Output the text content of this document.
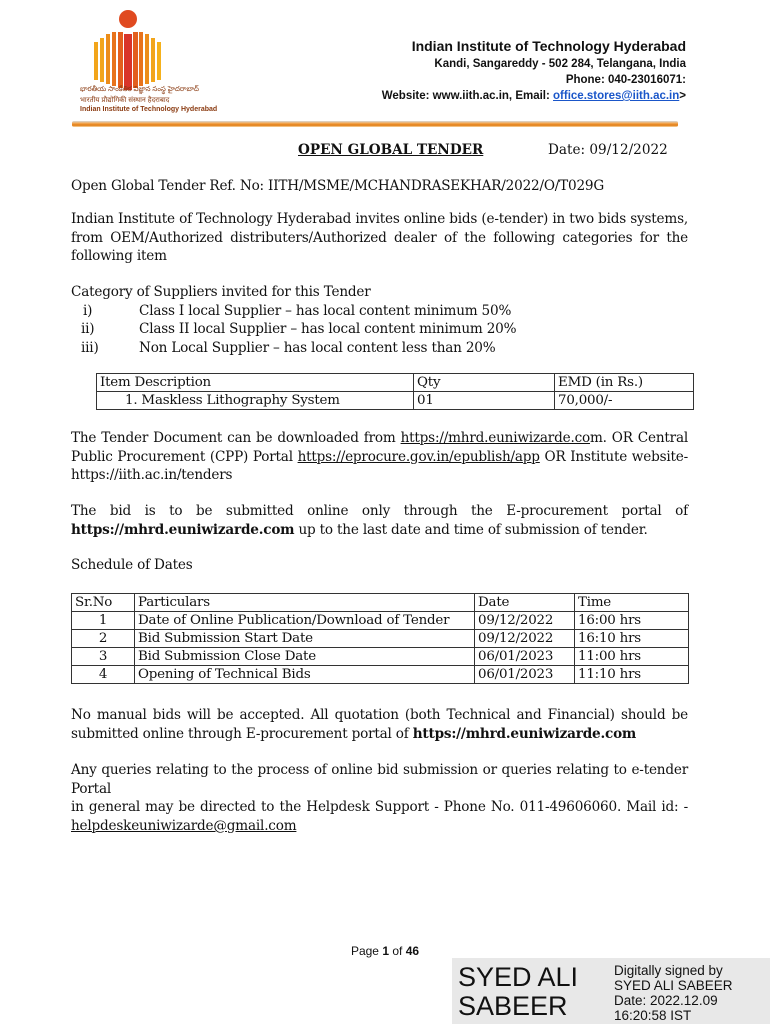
భారతీయ సాంకేతిక విజ్ఞాన సంస్థ హైదరాబాద్
भारतीय प्रौद्योगिकी संस्थान हैदराबाद
Indian Institute of Technology Hyderabad
Indian Institute of Technology Hyderabad
Kandi, Sangareddy - 502 284, Telangana, India
Phone: 040-23016071:
Website: www.iith.ac.in, Email: office.stores@iith.ac.in>
OPEN GLOBAL TENDER	Date: 09/12/2022
Open Global Tender Ref. No: IITH/MSME/MCHANDRASEKHAR/2022/O/T029G
Indian Institute of Technology Hyderabad invites online bids (e-tender) in two bids systems,
from OEM/Authorized distributers/Authorized dealer of the following categories for the
following item
Category of Suppliers invited for this Tender
i)	Class I local Supplier – has local content minimum 50%
ii)	Class II local Supplier – has local content minimum 20%
iii)	Non Local Supplier – has local content less than 20%
Item Description	Qty	EMD (in Rs.)
1. Maskless Lithography System	01	70,000/-
The Tender Document can be downloaded from https://mhrd.euniwizarde.com. OR Central
Public Procurement (CPP) Portal https://eprocure.gov.in/epublish/app OR Institute website-
https://iith.ac.in/tenders
The bid is to be submitted online only through the E-procurement portal of
https://mhrd.euniwizarde.com up to the last date and time of submission of tender.
Schedule of Dates
Sr.No	Particulars	Date	Time
1	Date of Online Publication/Download of Tender	09/12/2022	16:00 hrs
2	Bid Submission Start Date	09/12/2022	16:10 hrs
3	Bid Submission Close Date	06/01/2023	11:00 hrs
4	Opening of Technical Bids	06/01/2023	11:10 hrs
No manual bids will be accepted. All quotation (both Technical and Financial) should be
submitted online through E-procurement portal of https://mhrd.euniwizarde.com
Any queries relating to the process of online bid submission or queries relating to e-tender Portal
in general may be directed to the Helpdesk Support - Phone No. 011-49606060. Mail id: -
helpdeskeuniwizarde@gmail.com
Page 1 of 46
SYED ALI
SABEER
Digitally signed by
SYED ALI SABEER
Date: 2022.12.09
16:20:58 IST
